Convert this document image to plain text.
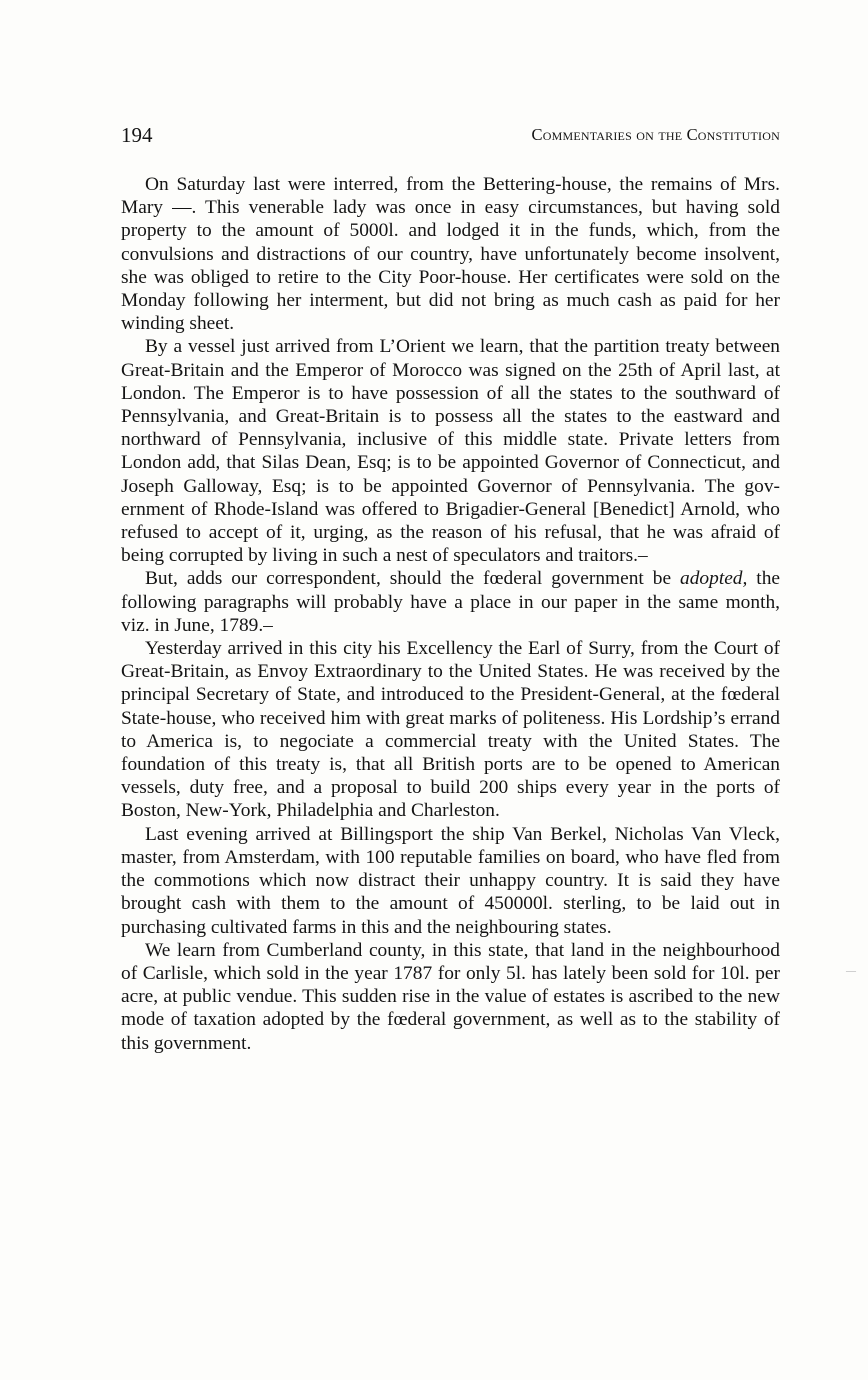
194	Commentaries on the Constitution

On Saturday last were interred, from the Bettering-house, the remains of Mrs. Mary —. This venerable lady was once in easy circumstances, but having sold property to the amount of 5000l. and lodged it in the funds, which, from the convulsions and distractions of our country, have unfortunately become insolvent, she was obliged to retire to the City Poor-house. Her certificates were sold on the Monday following her interment, but did not bring as much cash as paid for her winding sheet.

By a vessel just arrived from L’Orient we learn, that the partition treaty between Great-Britain and the Emperor of Morocco was signed on the 25th of April last, at London. The Emperor is to have possession of all the states to the southward of Pennsylvania, and Great-Britain is to possess all the states to the eastward and northward of Pennsylvania, inclusive of this middle state. Private letters from London add, that Silas Dean, Esq; is to be appointed Governor of Connecticut, and Joseph Galloway, Esq; is to be appointed Governor of Pennsylvania. The government of Rhode-Island was offered to Brigadier-General [Benedict] Arnold, who refused to accept of it, urging, as the reason of his refusal, that he was afraid of being corrupted by living in such a nest of speculators and traitors.–

But, adds our correspondent, should the fœderal government be adopted, the following paragraphs will probably have a place in our paper in the same month, viz. in June, 1789.–

Yesterday arrived in this city his Excellency the Earl of Surry, from the Court of Great-Britain, as Envoy Extraordinary to the United States. He was received by the principal Secretary of State, and introduced to the President-General, at the fœderal State-house, who received him with great marks of politeness. His Lordship’s errand to America is, to negociate a commercial treaty with the United States. The foundation of this treaty is, that all British ports are to be opened to American vessels, duty free, and a proposal to build 200 ships every year in the ports of Boston, New-York, Philadelphia and Charleston.

Last evening arrived at Billingsport the ship Van Berkel, Nicholas Van Vleck, master, from Amsterdam, with 100 reputable families on board, who have fled from the commotions which now distract their unhappy country. It is said they have brought cash with them to the amount of 450000l. sterling, to be laid out in purchasing cultivated farms in this and the neighbouring states.

We learn from Cumberland county, in this state, that land in the neighbourhood of Carlisle, which sold in the year 1787 for only 5l. has lately been sold for 10l. per acre, at public vendue. This sudden rise in the value of estates is ascribed to the new mode of taxation adopted by the fœderal government, as well as to the stability of this government.

—
